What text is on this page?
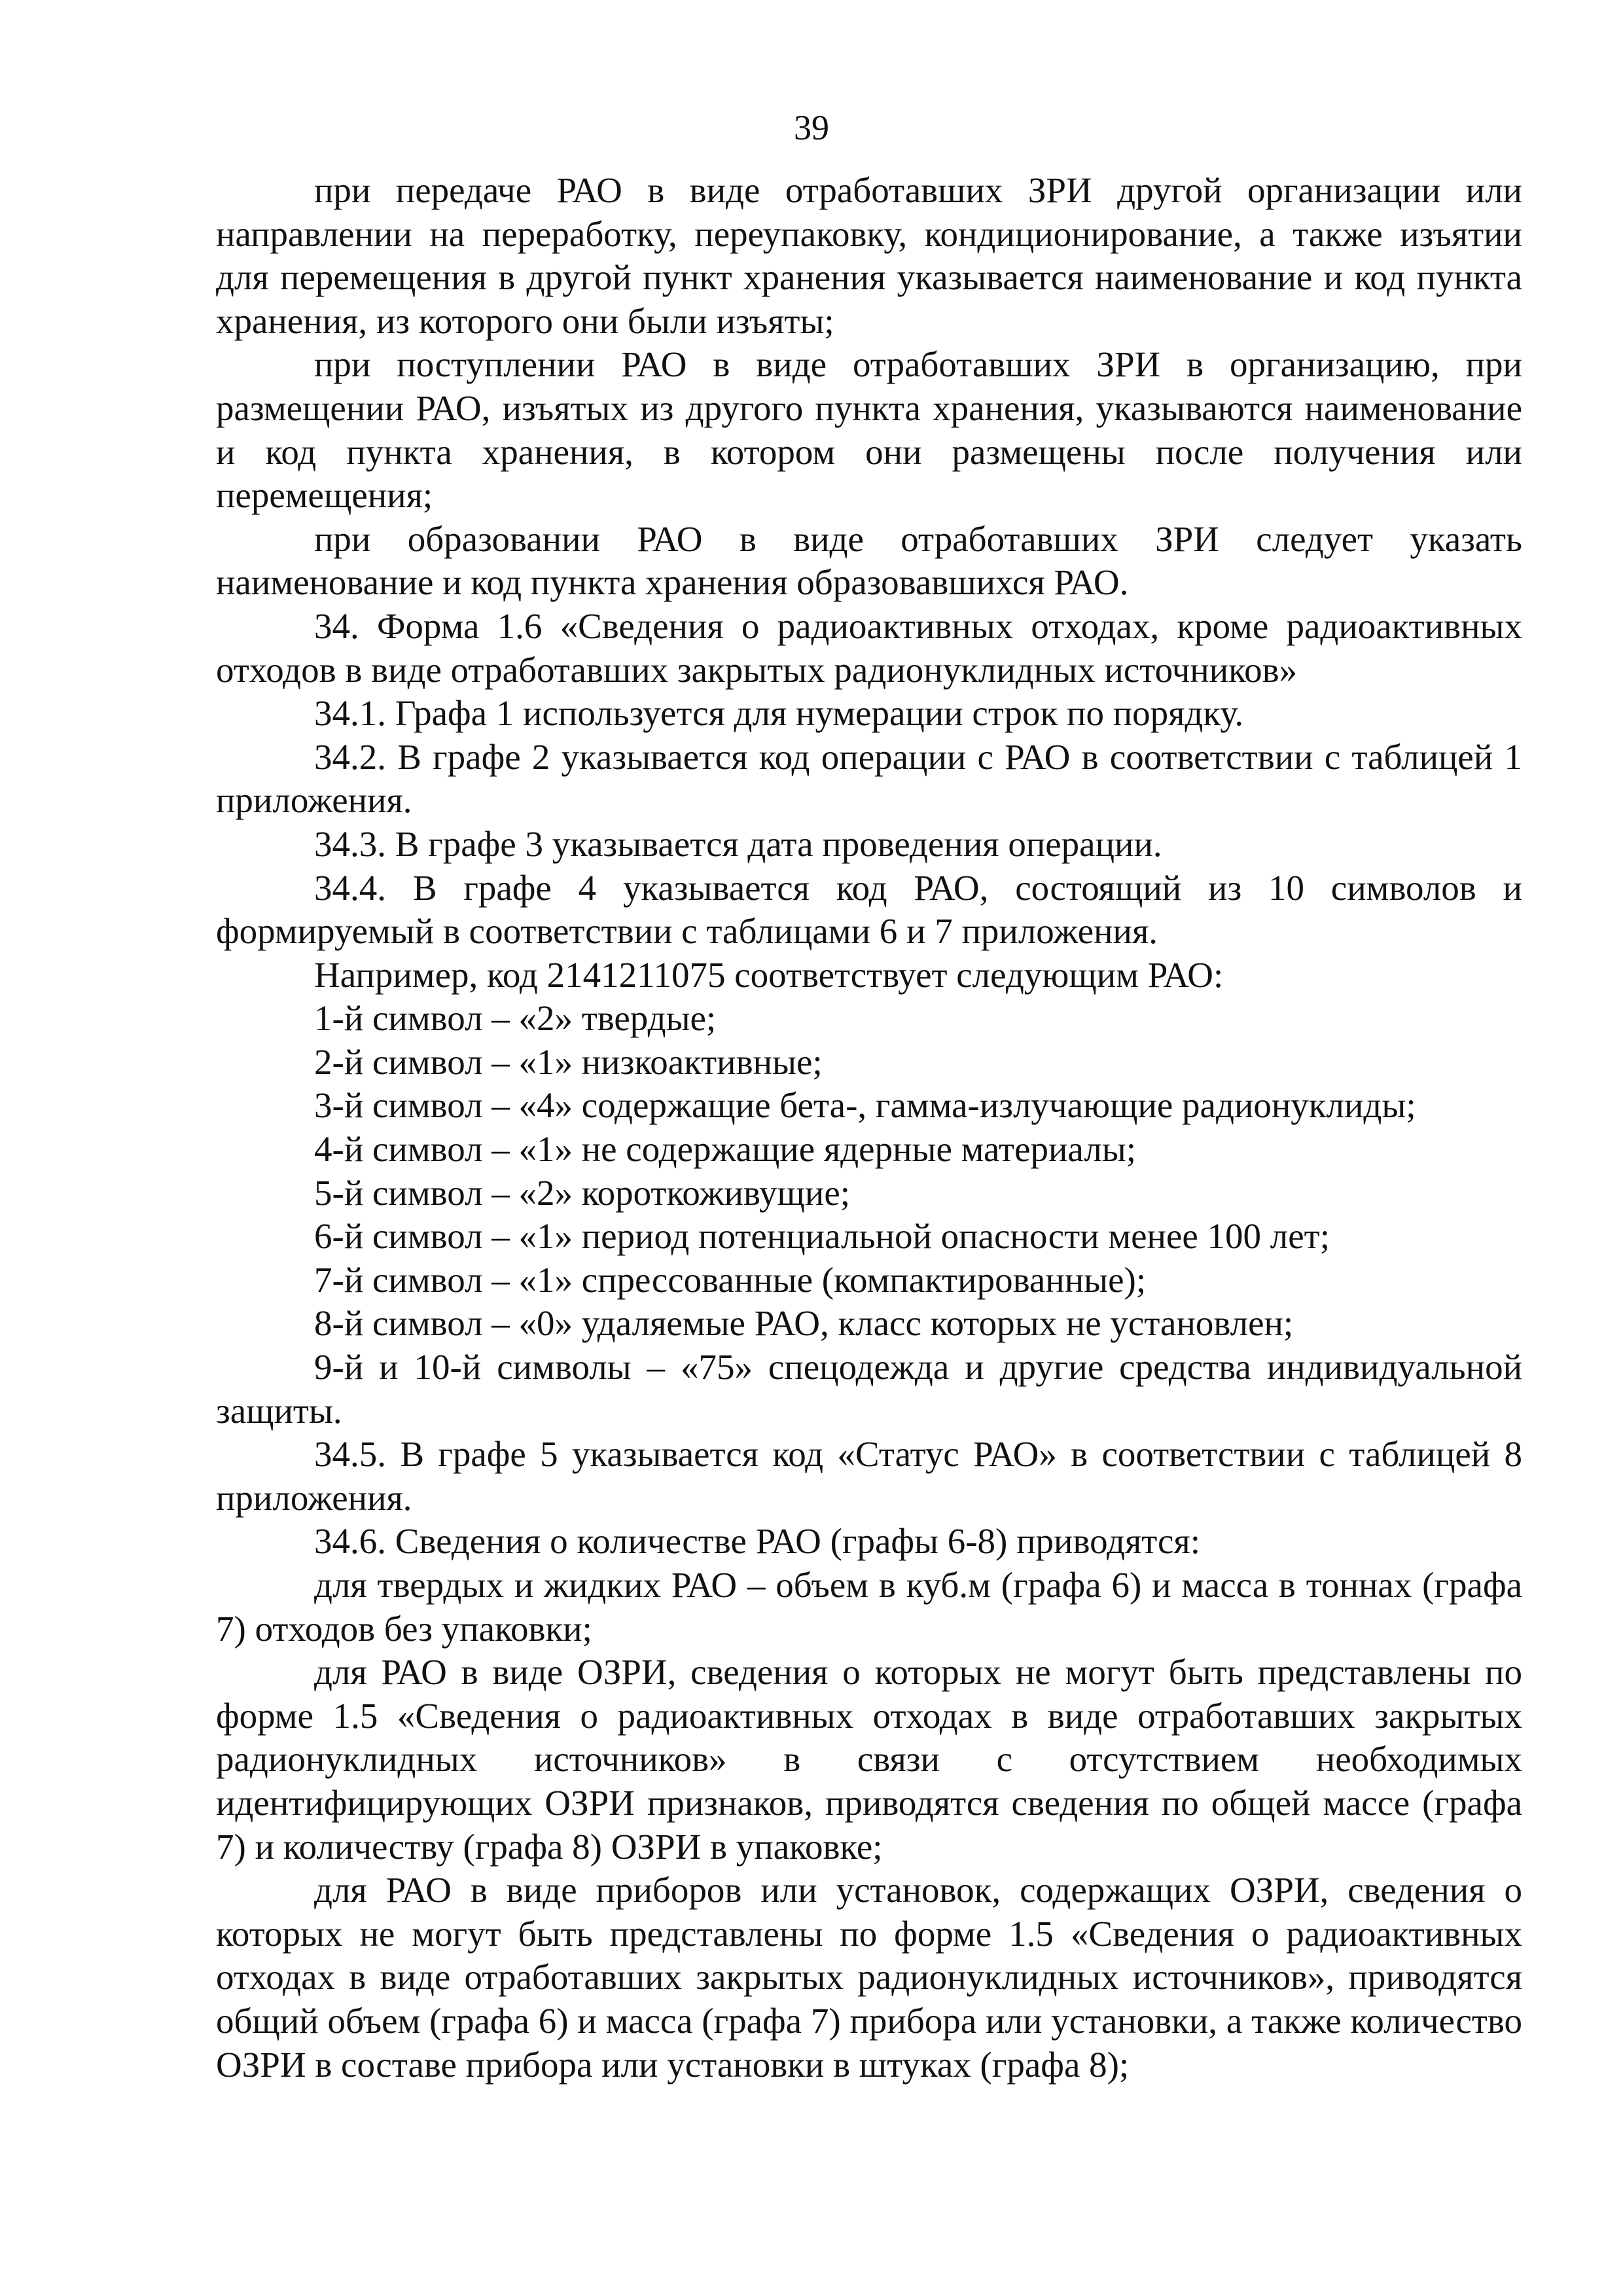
39

при передаче РАО в виде отработавших ЗРИ другой организации или направлении на переработку, переупаковку, кондиционирование, а также изъятии для перемещения в другой пункт хранения указывается наименование и код пункта хранения, из которого они были изъяты;

при поступлении РАО в виде отработавших ЗРИ в организацию, при размещении РАО, изъятых из другого пункта хранения, указываются наименование и код пункта хранения, в котором они размещены после получения или перемещения;

при образовании РАО в виде отработавших ЗРИ следует указать наименование и код пункта хранения образовавшихся РАО.

34. Форма 1.6 «Сведения о радиоактивных отходах, кроме радиоактивных отходов в виде отработавших закрытых радионуклидных источников»

34.1. Графа 1 используется для нумерации строк по порядку.

34.2. В графе 2 указывается код операции с РАО в соответствии с таблицей 1 приложения.

34.3. В графе 3 указывается дата проведения операции.

34.4. В графе 4 указывается код РАО, состоящий из 10 символов и формируемый в соответствии с таблицами 6 и 7 приложения.

Например, код 2141211075 соответствует следующим РАО:

1-й символ – «2» твердые;

2-й символ – «1» низкоактивные;

3-й символ – «4» содержащие бета-, гамма-излучающие радионуклиды;

4-й символ – «1» не содержащие ядерные материалы;

5-й символ – «2» короткоживущие;

6-й символ – «1» период потенциальной опасности менее 100 лет;

7-й символ – «1» спрессованные (компактированные);

8-й символ – «0» удаляемые РАО, класс которых не установлен;

9-й и 10-й символы – «75» спецодежда и другие средства индивидуальной защиты.

34.5. В графе 5 указывается код «Статус РАО» в соответствии с таблицей 8 приложения.

34.6. Сведения о количестве РАО (графы 6-8) приводятся:

для твердых и жидких РАО – объем в куб.м (графа 6) и масса в тоннах (графа 7) отходов без упаковки;

для РАО в виде ОЗРИ, сведения о которых не могут быть представлены по форме 1.5 «Сведения о радиоактивных отходах в виде отработавших закрытых радионуклидных источников» в связи с отсутствием необходимых идентифицирующих ОЗРИ признаков, приводятся сведения по общей массе (графа 7) и количеству (графа 8) ОЗРИ в упаковке;

для РАО в виде приборов или установок, содержащих ОЗРИ, сведения о которых не могут быть представлены по форме 1.5 «Сведения о радиоактивных отходах в виде отработавших закрытых радионуклидных источников», приводятся общий объем (графа 6) и масса (графа 7) прибора или установки, а также количество ОЗРИ в составе прибора или установки в штуках (графа 8);
